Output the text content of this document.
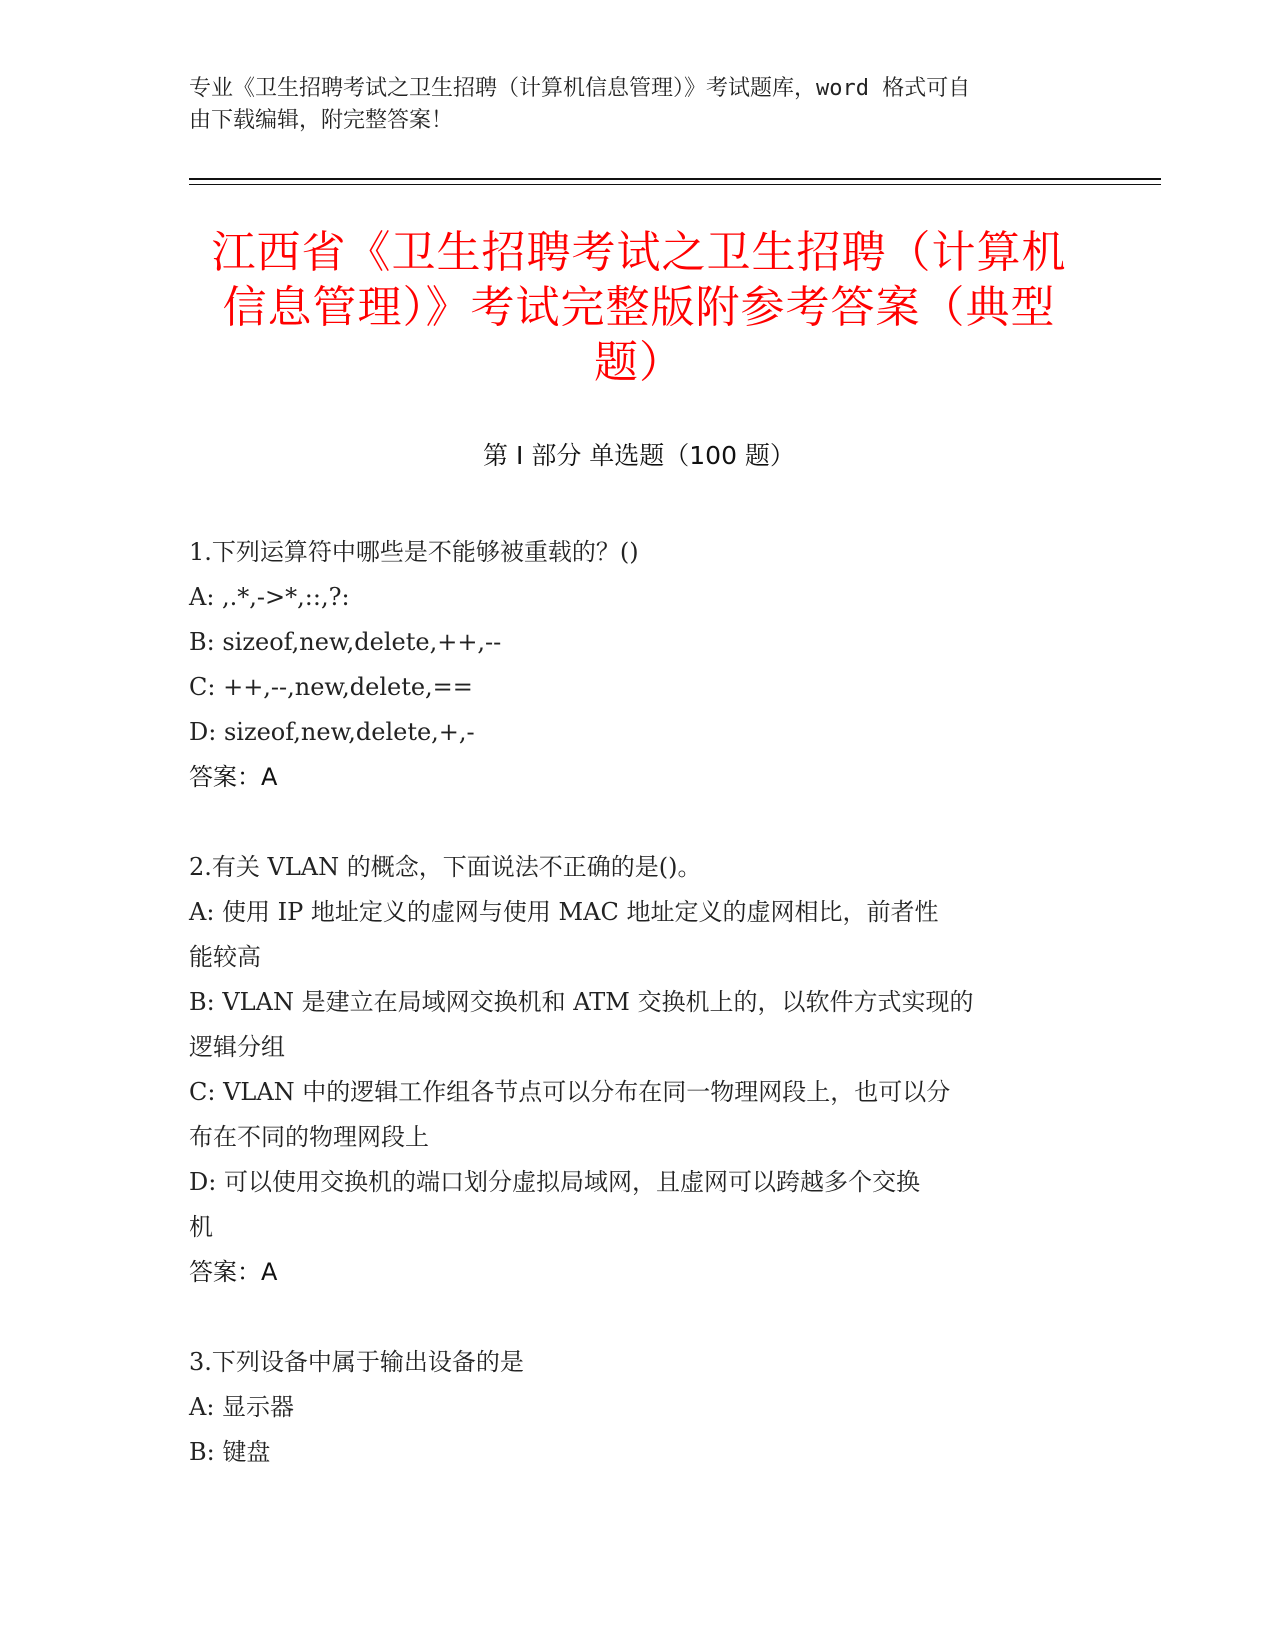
专业《卫生招聘考试之卫生招聘（计算机信息管理）》考试题库，word 格式可自
由下载编辑，附完整答案！
江西省《卫生招聘考试之卫生招聘（计算机
信息管理）》考试完整版附参考答案（典型
题）
第 I 部分 单选题（100 题）
1.下列运算符中哪些是不能够被重载的？()
A: ,.*,->*,::,?:
B: sizeof,new,delete,++,--
C: ++,--,new,delete,==
D: sizeof,new,delete,+,-
答案：A
2.有关 VLAN 的概念，下面说法不正确的是()。
A: 使用 IP 地址定义的虚网与使用 MAC 地址定义的虚网相比，前者性
能较高
B: VLAN 是建立在局域网交换机和 ATM 交换机上的，以软件方式实现的
逻辑分组
C: VLAN 中的逻辑工作组各节点可以分布在同一物理网段上，也可以分
布在不同的物理网段上
D: 可以使用交换机的端口划分虚拟局域网，且虚网可以跨越多个交换
机
答案：A
3.下列设备中属于输出设备的是
A: 显示器
B: 键盘
